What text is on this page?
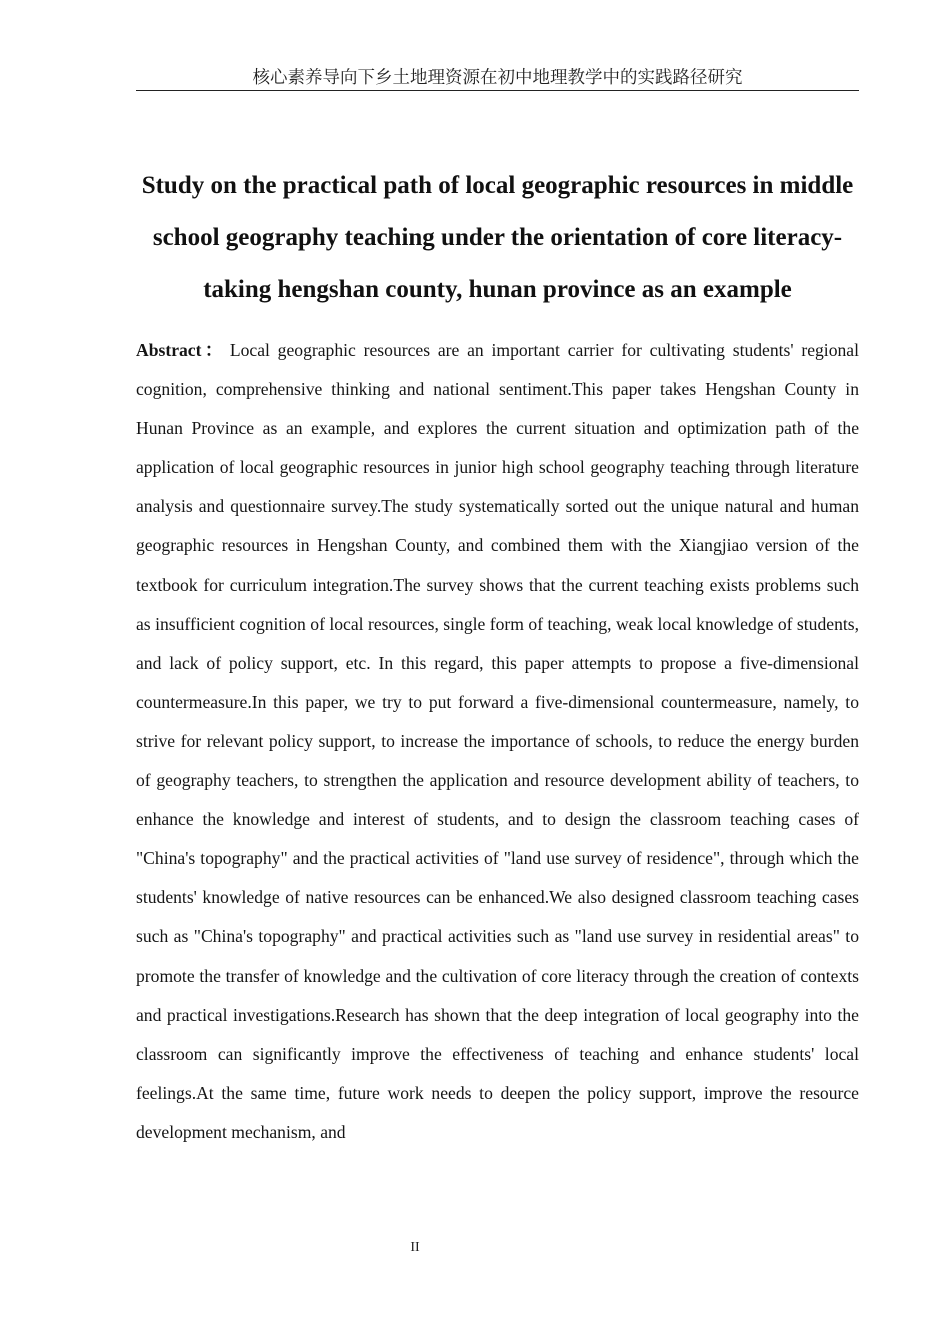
核心素养导向下乡土地理资源在初中地理教学中的实践路径研究
Study on the practical path of local geographic resources in middle school geography teaching under the orientation of core literacy-taking hengshan county, hunan province as an example

Abstract： Local geographic resources are an important carrier for cultivating students' regional cognition, comprehensive thinking and national sentiment.This paper takes Hengshan County in Hunan Province as an example, and explores the current situation and optimization path of the application of local geographic resources in junior high school geography teaching through literature analysis and questionnaire survey.The study systematically sorted out the unique natural and human geographic resources in Hengshan County, and combined them with the Xiangjiao version of the textbook for curriculum integration.The survey shows that the current teaching exists problems such as insufficient cognition of local resources, single form of teaching, weak local knowledge of students, and lack of policy support, etc. In this regard, this paper attempts to propose a five-dimensional countermeasure.In this paper, we try to put forward a five-dimensional countermeasure, namely, to strive for relevant policy support, to increase the importance of schools, to reduce the energy burden of geography teachers, to strengthen the application and resource development ability of teachers, to enhance the knowledge and interest of students, and to design the classroom teaching cases of "China's topography" and the practical activities of "land use survey of residence", through which the students' knowledge of native resources can be enhanced.We also designed classroom teaching cases such as "China's topography" and practical activities such as "land use survey in residential areas" to promote the transfer of knowledge and the cultivation of core literacy through the creation of contexts and practical investigations.Research has shown that the deep integration of local geography into the classroom can significantly improve the effectiveness of teaching and enhance students' local feelings.At the same time, future work needs to deepen the policy support, improve the resource development mechanism, and

II
